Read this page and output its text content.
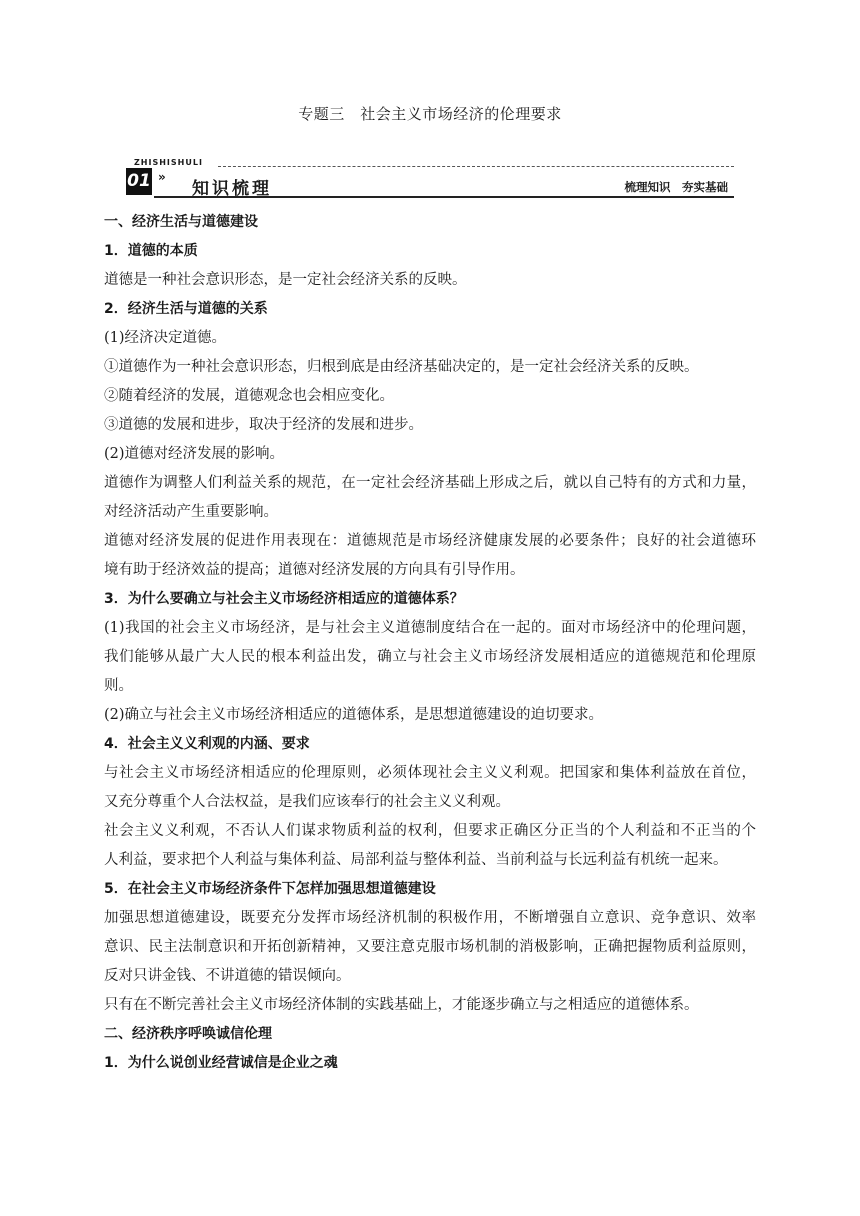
专题三　社会主义市场经济的伦理要求
ZHISHISHULI
01 »
知识梳理	梳理知识　夯实基础
一、经济生活与道德建设
1．道德的本质
道德是一种社会意识形态，是一定社会经济关系的反映。
2．经济生活与道德的关系
(1)经济决定道德。
①道德作为一种社会意识形态，归根到底是由经济基础决定的，是一定社会经济关系的反映。
②随着经济的发展，道德观念也会相应变化。
③道德的发展和进步，取决于经济的发展和进步。
(2)道德对经济发展的影响。
道德作为调整人们利益关系的规范，在一定社会经济基础上形成之后，就以自己特有的方式和力量，
对经济活动产生重要影响。
道德对经济发展的促进作用表现在：道德规范是市场经济健康发展的必要条件；良好的社会道德环
境有助于经济效益的提高；道德对经济发展的方向具有引导作用。
3．为什么要确立与社会主义市场经济相适应的道德体系？
(1)我国的社会主义市场经济，是与社会主义道德制度结合在一起的。面对市场经济中的伦理问题，
我们能够从最广大人民的根本利益出发，确立与社会主义市场经济发展相适应的道德规范和伦理原
则。
(2)确立与社会主义市场经济相适应的道德体系，是思想道德建设的迫切要求。
4．社会主义义利观的内涵、要求
与社会主义市场经济相适应的伦理原则，必须体现社会主义义利观。把国家和集体利益放在首位，
又充分尊重个人合法权益，是我们应该奉行的社会主义义利观。
社会主义义利观，不否认人们谋求物质利益的权利，但要求正确区分正当的个人利益和不正当的个
人利益，要求把个人利益与集体利益、局部利益与整体利益、当前利益与长远利益有机统一起来。
5．在社会主义市场经济条件下怎样加强思想道德建设
加强思想道德建设，既要充分发挥市场经济机制的积极作用，不断增强自立意识、竞争意识、效率
意识、民主法制意识和开拓创新精神，又要注意克服市场机制的消极影响，正确把握物质利益原则，
反对只讲金钱、不讲道德的错误倾向。
只有在不断完善社会主义市场经济体制的实践基础上，才能逐步确立与之相适应的道德体系。
二、经济秩序呼唤诚信伦理
1．为什么说创业经营诚信是企业之魂
